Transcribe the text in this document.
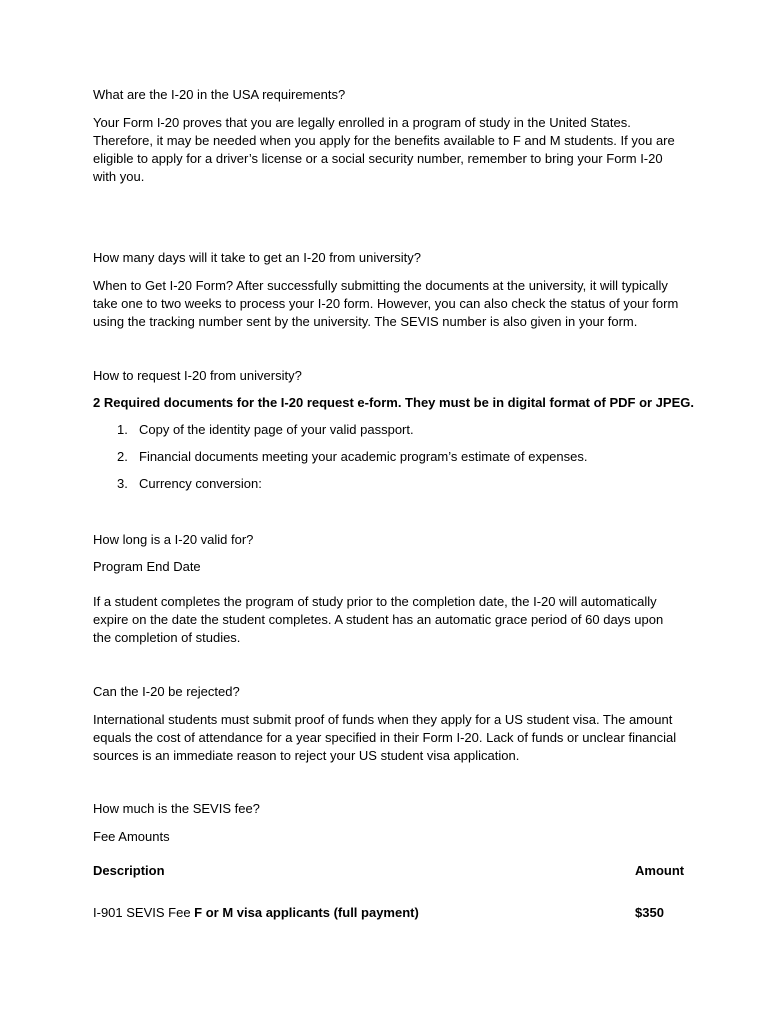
What are the I-20 in the USA requirements?
Your Form I-20 proves that you are legally enrolled in a program of study in the United States. Therefore, it may be needed when you apply for the benefits available to F and M students. If you are eligible to apply for a driver’s license or a social security number, remember to bring your Form I-20 with you.
How many days will it take to get an I-20 from university?
When to Get I-20 Form? After successfully submitting the documents at the university, it will typically take one to two weeks to process your I-20 form. However, you can also check the status of your form using the tracking number sent by the university. The SEVIS number is also given in your form.
How to request I-20 from university?
2 Required documents for the I-20 request e-form. They must be in digital format of PDF or JPEG.
1. Copy of the identity page of your valid passport.
2. Financial documents meeting your academic program’s estimate of expenses.
3. Currency conversion:
How long is a I-20 valid for?
Program End Date
If a student completes the program of study prior to the completion date, the I-20 will automatically expire on the date the student completes. A student has an automatic grace period of 60 days upon the completion of studies.
Can the I-20 be rejected?
International students must submit proof of funds when they apply for a US student visa. The amount equals the cost of attendance for a year specified in their Form I-20. Lack of funds or unclear financial sources is an immediate reason to reject your US student visa application.
How much is the SEVIS fee?
Fee Amounts
Description	Amount
I-901 SEVIS Fee F or M visa applicants (full payment)	$350
